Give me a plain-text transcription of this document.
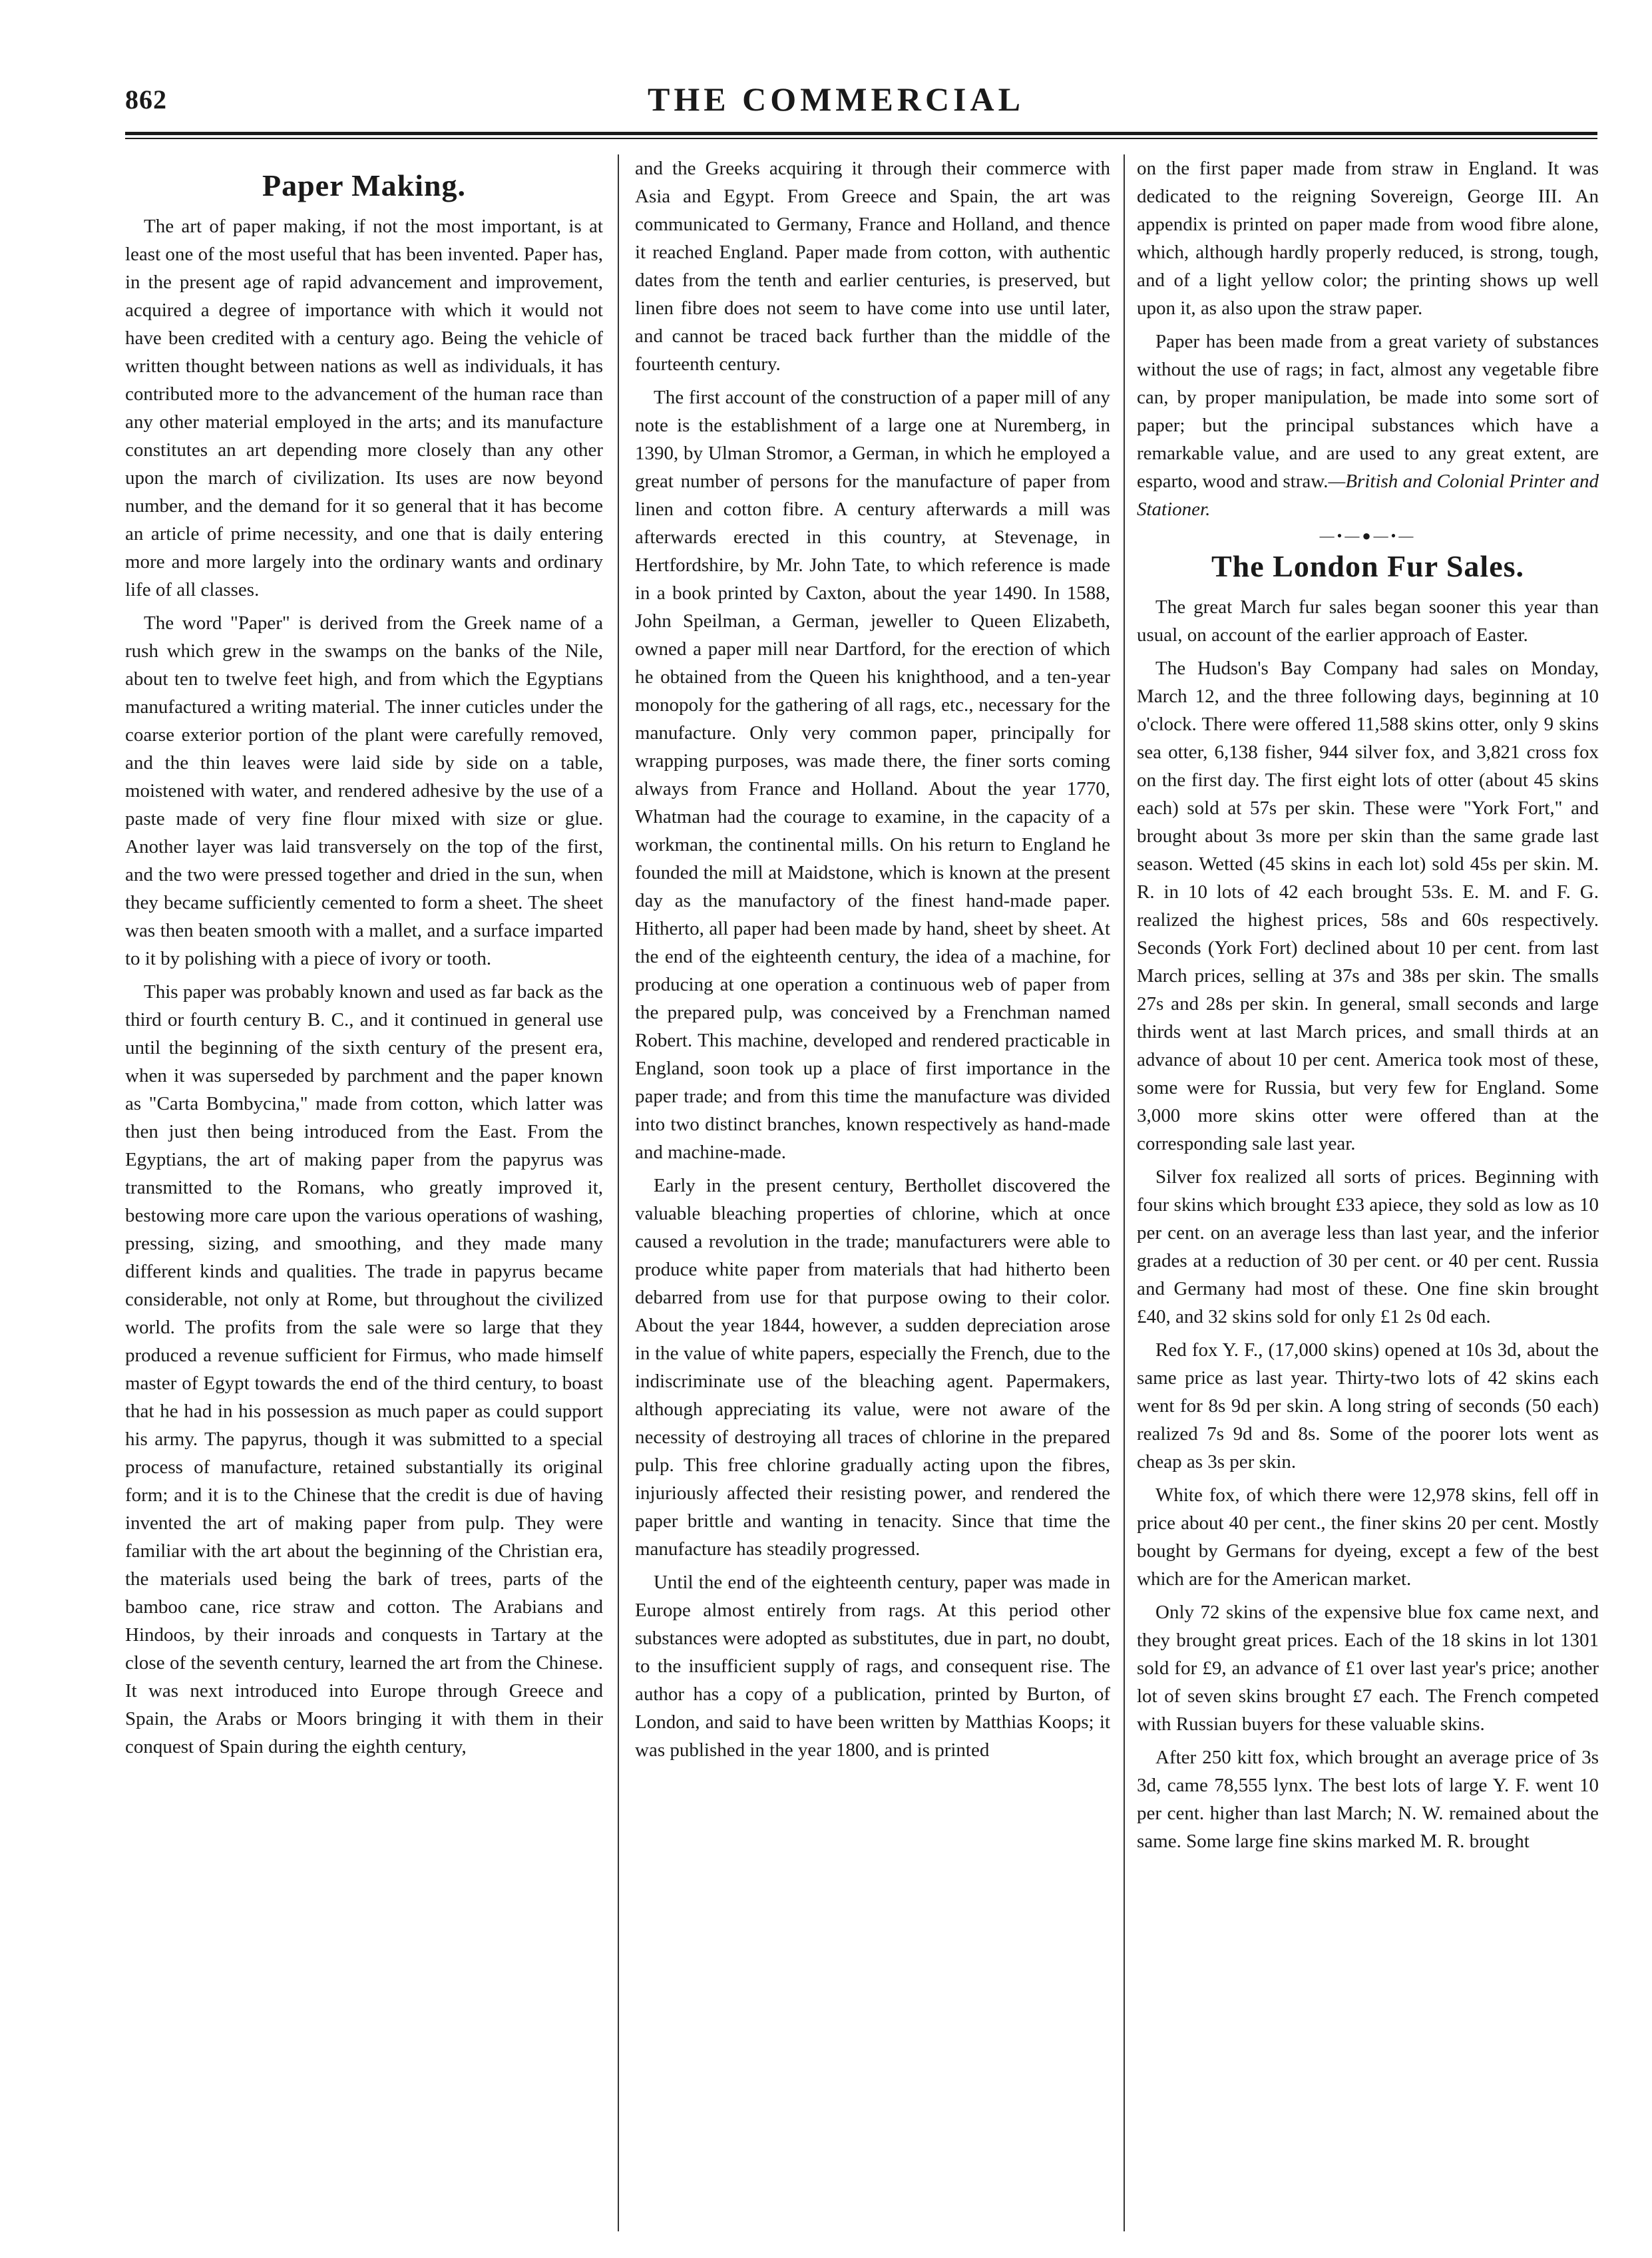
862	THE COMMERCIAL
Paper Making.

The art of paper making, if not the most important, is at least one of the most useful that has been invented. Paper has, in the present age of rapid advancement and improvement, acquired a degree of importance with which it would not have been credited with a century ago. Being the vehicle of written thought between nations as well as individuals, it has contributed more to the advancement of the human race than any other material employed in the arts; and its manufacture constitutes an art depending more closely than any other upon the march of civilization. Its uses are now beyond number, and the demand for it so general that it has become an article of prime necessity, and one that is daily entering more and more largely into the ordinary wants and ordinary life of all classes.

The word "Paper" is derived from the Greek name of a rush which grew in the swamps on the banks of the Nile, about ten to twelve feet high, and from which the Egyptians manufactured a writing material. The inner cuticles under the coarse exterior portion of the plant were carefully removed, and the thin leaves were laid side by side on a table, moistened with water, and rendered adhesive by the use of a paste made of very fine flour mixed with size or glue. Another layer was laid transversely on the top of the first, and the two were pressed together and dried in the sun, when they became sufficiently cemented to form a sheet. The sheet was then beaten smooth with a mallet, and a surface imparted to it by polishing with a piece of ivory or tooth.

This paper was probably known and used as far back as the third or fourth century B. C., and it continued in general use until the beginning of the sixth century of the present era, when it was superseded by parchment and the paper known as "Carta Bombycina," made from cotton, which latter was then just then being introduced from the East. From the Egyptians, the art of making paper from the papyrus was transmitted to the Romans, who greatly improved it, bestowing more care upon the various operations of washing, pressing, sizing, and smoothing, and they made many different kinds and qualities. The trade in papyrus became considerable, not only at Rome, but throughout the civilized world. The profits from the sale were so large that they produced a revenue sufficient for Firmus, who made himself master of Egypt towards the end of the third century, to boast that he had in his possession as much paper as could support his army. The papyrus, though it was submitted to a special process of manufacture, retained substantially its original form; and it is to the Chinese that the credit is due of having invented the art of making paper from pulp. They were familiar with the art about the beginning of the Christian era, the materials used being the bark of trees, parts of the bamboo cane, rice straw and cotton. The Arabians and Hindoos, by their inroads and conquests in Tartary at the close of the seventh century, learned the art from the Chinese. It was next introduced into Europe through Greece and Spain, the Arabs or Moors bringing it with them in their conquest of Spain during the eighth century,

and the Greeks acquiring it through their commerce with Asia and Egypt. From Greece and Spain, the art was communicated to Germany, France and Holland, and thence it reached England. Paper made from cotton, with authentic dates from the tenth and earlier centuries, is preserved, but linen fibre does not seem to have come into use until later, and cannot be traced back further than the middle of the fourteenth century.

The first account of the construction of a paper mill of any note is the establishment of a large one at Nuremberg, in 1390, by Ulman Stromor, a German, in which he employed a great number of persons for the manufacture of paper from linen and cotton fibre. A century afterwards a mill was afterwards erected in this country, at Stevenage, in Hertfordshire, by Mr. John Tate, to which reference is made in a book printed by Caxton, about the year 1490. In 1588, John Speilman, a German, jeweller to Queen Elizabeth, owned a paper mill near Dartford, for the erection of which he obtained from the Queen his knighthood, and a ten-year monopoly for the gathering of all rags, etc., necessary for the manufacture. Only very common paper, principally for wrapping purposes, was made there, the finer sorts coming always from France and Holland. About the year 1770, Whatman had the courage to examine, in the capacity of a workman, the continental mills. On his return to England he founded the mill at Maidstone, which is known at the present day as the manufactory of the finest hand-made paper. Hitherto, all paper had been made by hand, sheet by sheet. At the end of the eighteenth century, the idea of a machine, for producing at one operation a continuous web of paper from the prepared pulp, was conceived by a Frenchman named Robert. This machine, developed and rendered practicable in England, soon took up a place of first importance in the paper trade; and from this time the manufacture was divided into two distinct branches, known respectively as hand-made and machine-made.

Early in the present century, Berthollet discovered the valuable bleaching properties of chlorine, which at once caused a revolution in the trade; manufacturers were able to produce white paper from materials that had hitherto been debarred from use for that purpose owing to their color. About the year 1844, however, a sudden depreciation arose in the value of white papers, especially the French, due to the indiscriminate use of the bleaching agent. Papermakers, although appreciating its value, were not aware of the necessity of destroying all traces of chlorine in the prepared pulp. This free chlorine gradually acting upon the fibres, injuriously affected their resisting power, and rendered the paper brittle and wanting in tenacity. Since that time the manufacture has steadily progressed.

Until the end of the eighteenth century, paper was made in Europe almost entirely from rags. At this period other substances were adopted as substitutes, due in part, no doubt, to the insufficient supply of rags, and consequent rise. The author has a copy of a publication, printed by Burton, of London, and said to have been written by Matthias Koops; it was published in the year 1800, and is printed

on the first paper made from straw in England. It was dedicated to the reigning Sovereign, George III. An appendix is printed on paper made from wood fibre alone, which, although hardly properly reduced, is strong, tough, and of a light yellow color; the printing shows up well upon it, as also upon the straw paper.

Paper has been made from a great variety of substances without the use of rags; in fact, almost any vegetable fibre can, by proper manipulation, be made into some sort of paper; but the principal substances which have a remarkable value, and are used to any great extent, are esparto, wood and straw.—British and Colonial Printer and Stationer.

—•—●—•—
The London Fur Sales.

The great March fur sales began sooner this year than usual, on account of the earlier approach of Easter.

The Hudson's Bay Company had sales on Monday, March 12, and the three following days, beginning at 10 o'clock. There were offered 11,588 skins otter, only 9 skins sea otter, 6,138 fisher, 944 silver fox, and 3,821 cross fox on the first day. The first eight lots of otter (about 45 skins each) sold at 57s per skin. These were "York Fort," and brought about 3s more per skin than the same grade last season. Wetted (45 skins in each lot) sold 45s per skin. M. R. in 10 lots of 42 each brought 53s. E. M. and F. G. realized the highest prices, 58s and 60s respectively. Seconds (York Fort) declined about 10 per cent. from last March prices, selling at 37s and 38s per skin. The smalls 27s and 28s per skin. In general, small seconds and large thirds went at last March prices, and small thirds at an advance of about 10 per cent. America took most of these, some were for Russia, but very few for England. Some 3,000 more skins otter were offered than at the corresponding sale last year.

Silver fox realized all sorts of prices. Beginning with four skins which brought £33 apiece, they sold as low as 10 per cent. on an average less than last year, and the inferior grades at a reduction of 30 per cent. or 40 per cent. Russia and Germany had most of these. One fine skin brought £40, and 32 skins sold for only £1 2s 0d each.

Red fox Y. F., (17,000 skins) opened at 10s 3d, about the same price as last year. Thirty-two lots of 42 skins each went for 8s 9d per skin. A long string of seconds (50 each) realized 7s 9d and 8s. Some of the poorer lots went as cheap as 3s per skin.

White fox, of which there were 12,978 skins, fell off in price about 40 per cent., the finer skins 20 per cent. Mostly bought by Germans for dyeing, except a few of the best which are for the American market.

Only 72 skins of the expensive blue fox came next, and they brought great prices. Each of the 18 skins in lot 1301 sold for £9, an advance of £1 over last year's price; another lot of seven skins brought £7 each. The French competed with Russian buyers for these valuable skins.

After 250 kitt fox, which brought an average price of 3s 3d, came 78,555 lynx. The best lots of large Y. F. went 10 per cent. higher than last March; N. W. remained about the same. Some large fine skins marked M. R. brought
